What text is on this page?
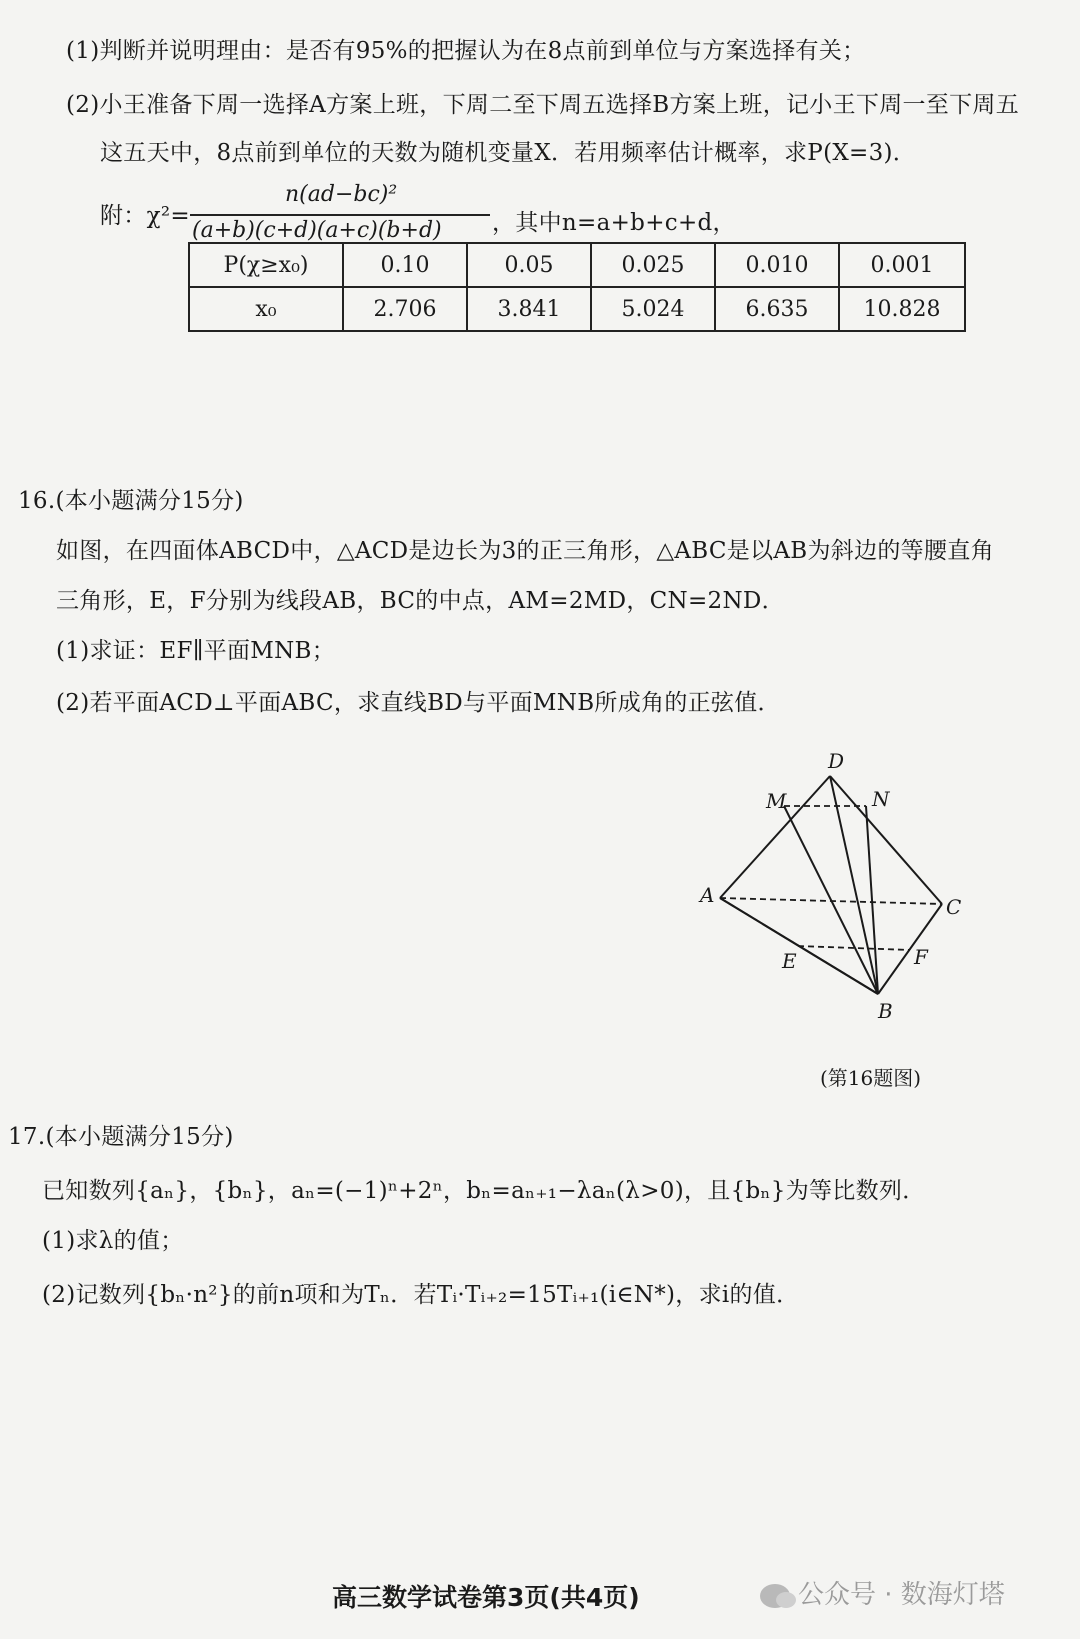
(1)判断并说明理由：是否有95%的把握认为在8点前到单位与方案选择有关；
(2)小王准备下周一选择A方案上班，下周二至下周五选择B方案上班，记小王下周一至下周五
这五天中，8点前到单位的天数为随机变量X．若用频率估计概率，求P(X=3)．
附：χ²=
n(ad−bc)²
(a+b)(c+d)(a+c)(b+d) ，其中n=a+b+c+d，
P(χ≥x₀)	0.10	0.05	0.025	0.010	0.001
x₀	2.706	3.841	5.024	6.635	10.828
16.(本小题满分15分)
如图，在四面体ABCD中，△ACD是边长为3的正三角形，△ABC是以AB为斜边的等腰直角
三角形，E，F分别为线段AB，BC的中点，AM=2MD，CN=2ND．
(1)求证：EF∥平面MNB；
(2)若平面ACD⊥平面ABC，求直线BD与平面MNB所成角的正弦值．
D
M	N
A	C
E	F
B
(第16题图)
17.(本小题满分15分)
已知数列{aₙ}，{bₙ}，aₙ=(−1)ⁿ+2ⁿ，bₙ=aₙ₊₁−λaₙ(λ>0)，且{bₙ}为等比数列．
(1)求λ的值；
(2)记数列{bₙ·n²}的前n项和为Tₙ．若Tᵢ·Tᵢ₊₂=15Tᵢ₊₁(i∈N*)，求i的值．
高三数学试卷第3页(共4页)	公众号 · 数海灯塔
